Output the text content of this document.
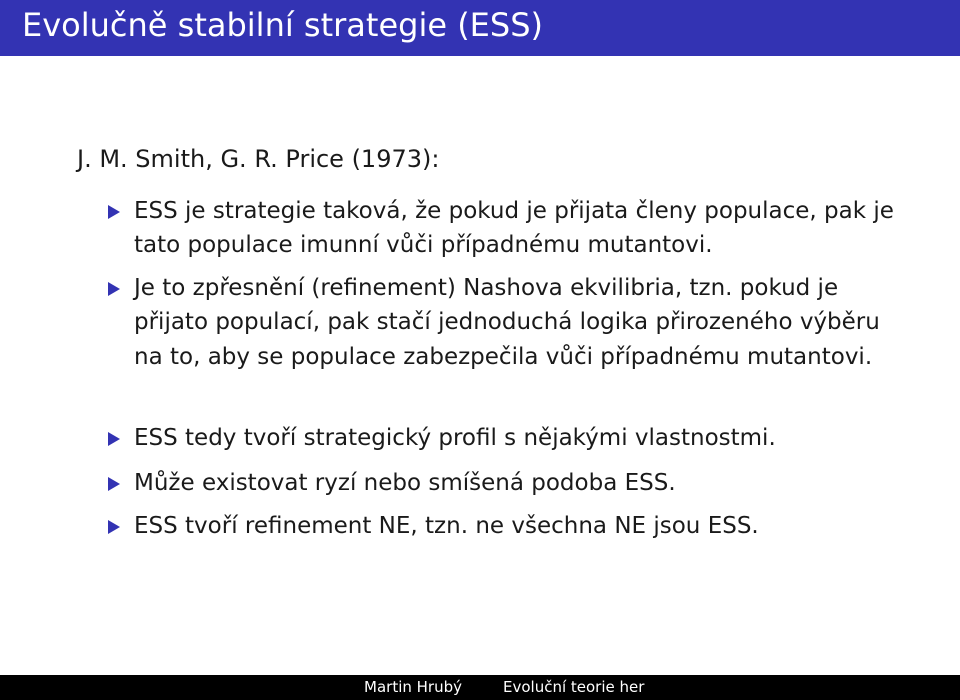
Evolučně stabilní strategie (ESS)
J. M. Smith, G. R. Price (1973):
ESS je strategie taková, že pokud je přijata členy populace, pak je tato populace imunní vůči případnému mutantovi.
Je to zpřesnění (refinement) Nashova ekvilibria, tzn. pokud je přijato populací, pak stačí jednoduchá logika přirozeného výběru na to, aby se populace zabezpečila vůči případnému mutantovi.
ESS tedy tvoří strategický profil s nějakými vlastnostmi.
Může existovat ryzí nebo smíšená podoba ESS.
ESS tvoří refinement NE, tzn. ne všechna NE jsou ESS.
Martin Hrubý	Evoluční teorie her
